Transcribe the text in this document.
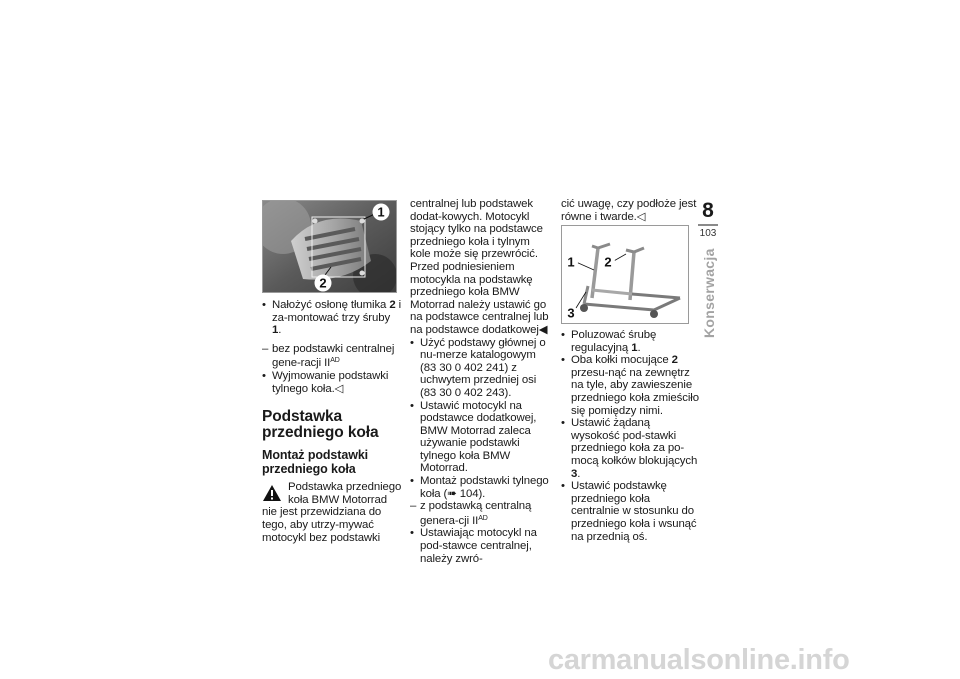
1
2

• Nałożyć osłonę tłumika 2 i za-montować trzy śruby 1.

– bez podstawki centralnej gene-racji $II^{AD}$

• Wyjmowanie podstawki tylnego koła.◁

Podstawka przedniego koła
Montaż podstawki przedniego koła

Podstawka przedniego koła BMW Motorrad nie jest przewidziana do tego, aby utrzy-mywać motocykl bez podstawki

centralnej lub podstawek dodat-kowych. Motocykl stojący tylko na podstawce przedniego koła i tylnym kole może się przewrócić. Przed podniesieniem motocykla na podstawkę przedniego koła BMW Motorrad należy ustawić go na podstawce centralnej lub na podstawce dodatkowej◀

• Użyć podstawy głównej o nu-merze katalogowym (83 30 0 402 241) z uchwytem przedniej osi (83 30 0 402 243).

• Ustawić motocykl na podstawce dodatkowej, BMW Motorrad zaleca używanie podstawki tylnego koła BMW Motorrad.

• Montaż podstawki tylnego koła (➠ 104).

– z podstawką centralną genera-cji $II^{AD}$

• Ustawiając motocykl na pod-stawce centralnej, należy zwró-

cić uwagę, czy podłoże jest równe i twarde.◁

1 2
3

• Poluzować śrubę regulacyjną 1.

• Oba kołki mocujące 2 przesu-nąć na zewnętrz na tyle, aby zawieszenie przedniego koła zmieściło się pomiędzy nimi.

• Ustawić żądaną wysokość pod-stawki przedniego koła za po-mocą kołków blokujących 3.

• Ustawić podstawkę przedniego koła centralnie w stosunku do przedniego koła i wsunąć na przednią oś.

8
103
Konserwacja
carmanualsonline.info
